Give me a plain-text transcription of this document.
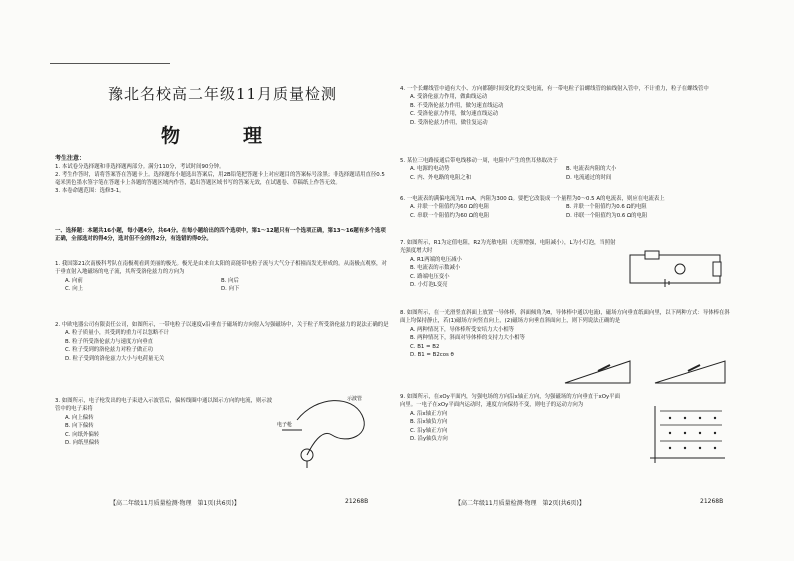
豫北名校高二年级11月质量检测
物　理
考生注意：
1. 本试卷分选择题和非选择题两部分。满分110分，考试时间90分钟。
2. 考生作答时，请将答案答在答题卡上。选择题每小题选出答案后，用2B铅笔把答题卡上对应题目的答案标号涂黑；非选择题请用直径0.5毫米黑色墨水签字笔在答题卡上各题的答题区域内作答，超出答题区域书写的答案无效，在试题卷、草稿纸上作答无效。
3. 本卷命题范围：选修3-1。
一、选择题：本题共16小题，每小题4分，共64分。在每小题给出的四个选项中，第1～12题只有一个选项正确，第13～16题有多个选项正确，全部选对的得4分，选对但不全的得2分，有选错的得0分。
1. 我国第21次南极科考队在南极观看到美丽的极光。极光是由来自太阳的高能带电粒子流与大气分子相撞而发光形成的。从南极点观察，对于垂直射入地磁场的电子流，其所受洛伦兹力的方向为
A. 向前	B. 向后
C. 向上	D. 向下
2. 中欧电器公司有限责任公司，如图所示，一带电粒子以速度v沿垂直于磁场的方向射入匀强磁场中，关于粒子所受洛伦兹力的说法正确的是
A. 粒子质量小，其受到的重力可以忽略不计
B. 粒子所受洛伦兹力与速度方向垂直
C. 粒子受到的洛伦兹力对粒子做正功
D. 粒子受到的洛伦兹力大小与电荷量无关
3. 如图所示，电子枪发出的电子束进入示波管后，偏转线圈中通以图示方向的电流，则示波管中的电子束将
A. 向上偏转
B. 向下偏转
C. 向纸外偏转
D. 向纸里偏转
电子枪
示波管
【高二年级11月质量检测·物理　第1页(共6页)】	21268B
4. 一个长螺线管中通有大小、方向都随时间变化的交变电流，有一带电粒子沿螺线管的轴线射入管中，不计重力，粒子在螺线管中
A. 受洛伦兹力作用，做曲线运动
B. 不受洛伦兹力作用，做匀速直线运动
C. 受洛伦兹力作用，做匀速直线运动
D. 受洛伦兹力作用，做往复运动
5. 某位三电路接通后带电线移动一周，电阻中产生的焦耳热取决于
A. 电源的电动势	B. 电流表内阻的大小
C. 内、外电路的电阻之和	D. 电流通过的时间
6. 一电流表的满偏电流为1 mA，内阻为300 Ω。要把它改装成一个量程为0～0.5 A的电流表，则应在电流表上
A. 并联一个阻值约为60 Ω的电阻	B. 并联一个阻值约为0.6 Ω的电阻
C. 串联一个阻值约为60 Ω的电阻	D. 串联一个阻值约为0.6 Ω的电阻
7. 如图所示，R1为定值电阻，R2为光敏电阻（光照增强，电阻减小），L为小灯泡，当照射光强度增大时
A. R1两端的电压减小
B. 电流表的示数减小
C. 路端电压变小
D. 小灯泡L变亮
8. 如图所示，在一光滑竖直斜面上放置一导体棒，斜面倾角为θ，导体棒中通以电流I，磁场方向垂直纸面向里，以下两种方式：导体棒在斜面上均保持静止，若(1)磁场方向竖直向上，(2)磁场方向垂直斜面向上，则下列说法正确的是
A. 两种情况下，导体棒所受安培力大小相等
B. 两种情况下，斜面对导体棒的支持力大小相等
C. B1 = B2
D. B1 = B2cos θ
9. 如图所示，在xOy平面内，匀强电场的方向沿x轴正方向，匀强磁场的方向垂直于xOy平面向里。一电子在xOy平面内运动时，速度方向保持不变，则电子的运动方向为
A. 沿x轴正方向
B. 沿x轴负方向
C. 沿y轴正方向
D. 沿y轴负方向
【高二年级11月质量检测·物理　第2页(共6页)】	21268B
